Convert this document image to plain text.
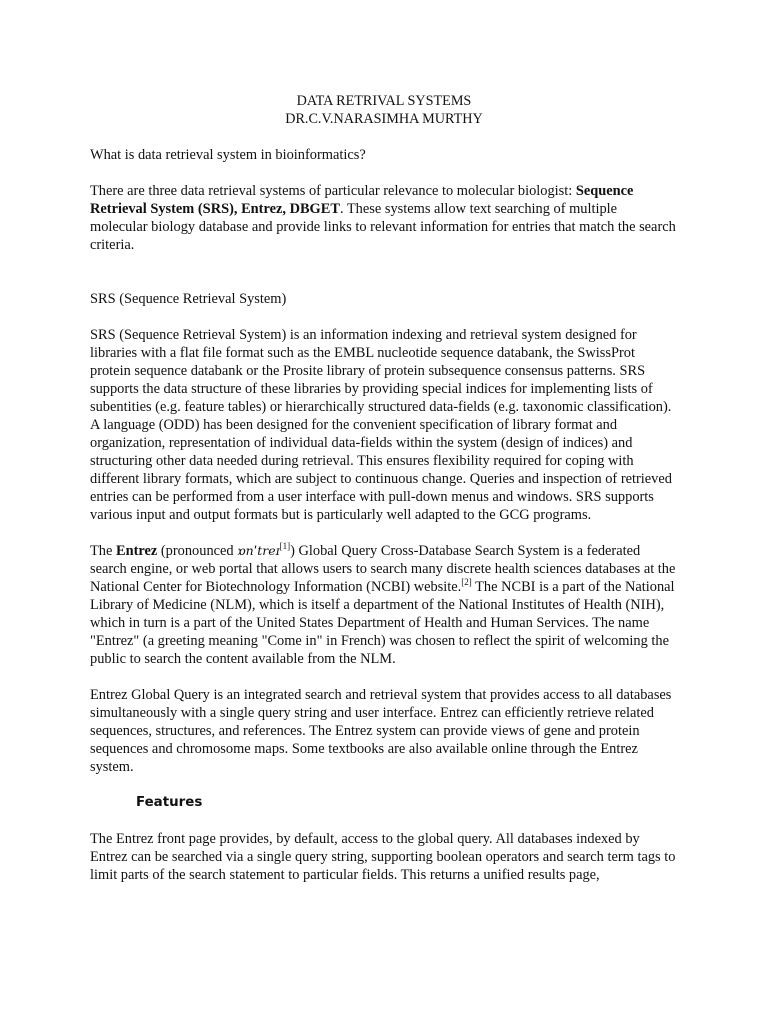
DATA RETRIVAL SYSTEMS
DR.C.V.NARASIMHA MURTHY

What is data retrieval system in bioinformatics?

There are three data retrieval systems of particular relevance to molecular biologist: Sequence Retrieval System (SRS), Entrez, DBGET. These systems allow text searching of multiple molecular biology database and provide links to relevant information for entries that match the search criteria.

SRS (Sequence Retrieval System)

SRS (Sequence Retrieval System) is an information indexing and retrieval system designed for libraries with a flat file format such as the EMBL nucleotide sequence databank, the SwissProt protein sequence databank or the Prosite library of protein subsequence consensus patterns. SRS supports the data structure of these libraries by providing special indices for implementing lists of subentities (e.g. feature tables) or hierarchically structured data-fields (e.g. taxonomic classification). A language (ODD) has been designed for the convenient specification of library format and organization, representation of individual data-fields within the system (design of indices) and structuring other data needed during retrieval. This ensures flexibility required for coping with different library formats, which are subject to continuous change. Queries and inspection of retrieved entries can be performed from a user interface with pull-down menus and windows. SRS supports various input and output formats but is particularly well adapted to the GCG programs.

The Entrez (pronounced ɒnˈtreɪ[1]) Global Query Cross-Database Search System is a federated search engine, or web portal that allows users to search many discrete health sciences databases at the National Center for Biotechnology Information (NCBI) website.[2] The NCBI is a part of the National Library of Medicine (NLM), which is itself a department of the National Institutes of Health (NIH), which in turn is a part of the United States Department of Health and Human Services. The name "Entrez" (a greeting meaning "Come in" in French) was chosen to reflect the spirit of welcoming the public to search the content available from the NLM.

Entrez Global Query is an integrated search and retrieval system that provides access to all databases simultaneously with a single query string and user interface. Entrez can efficiently retrieve related sequences, structures, and references. The Entrez system can provide views of gene and protein sequences and chromosome maps. Some textbooks are also available online through the Entrez system.

Features

The Entrez front page provides, by default, access to the global query. All databases indexed by Entrez can be searched via a single query string, supporting boolean operators and search term tags to limit parts of the search statement to particular fields. This returns a unified results page,
